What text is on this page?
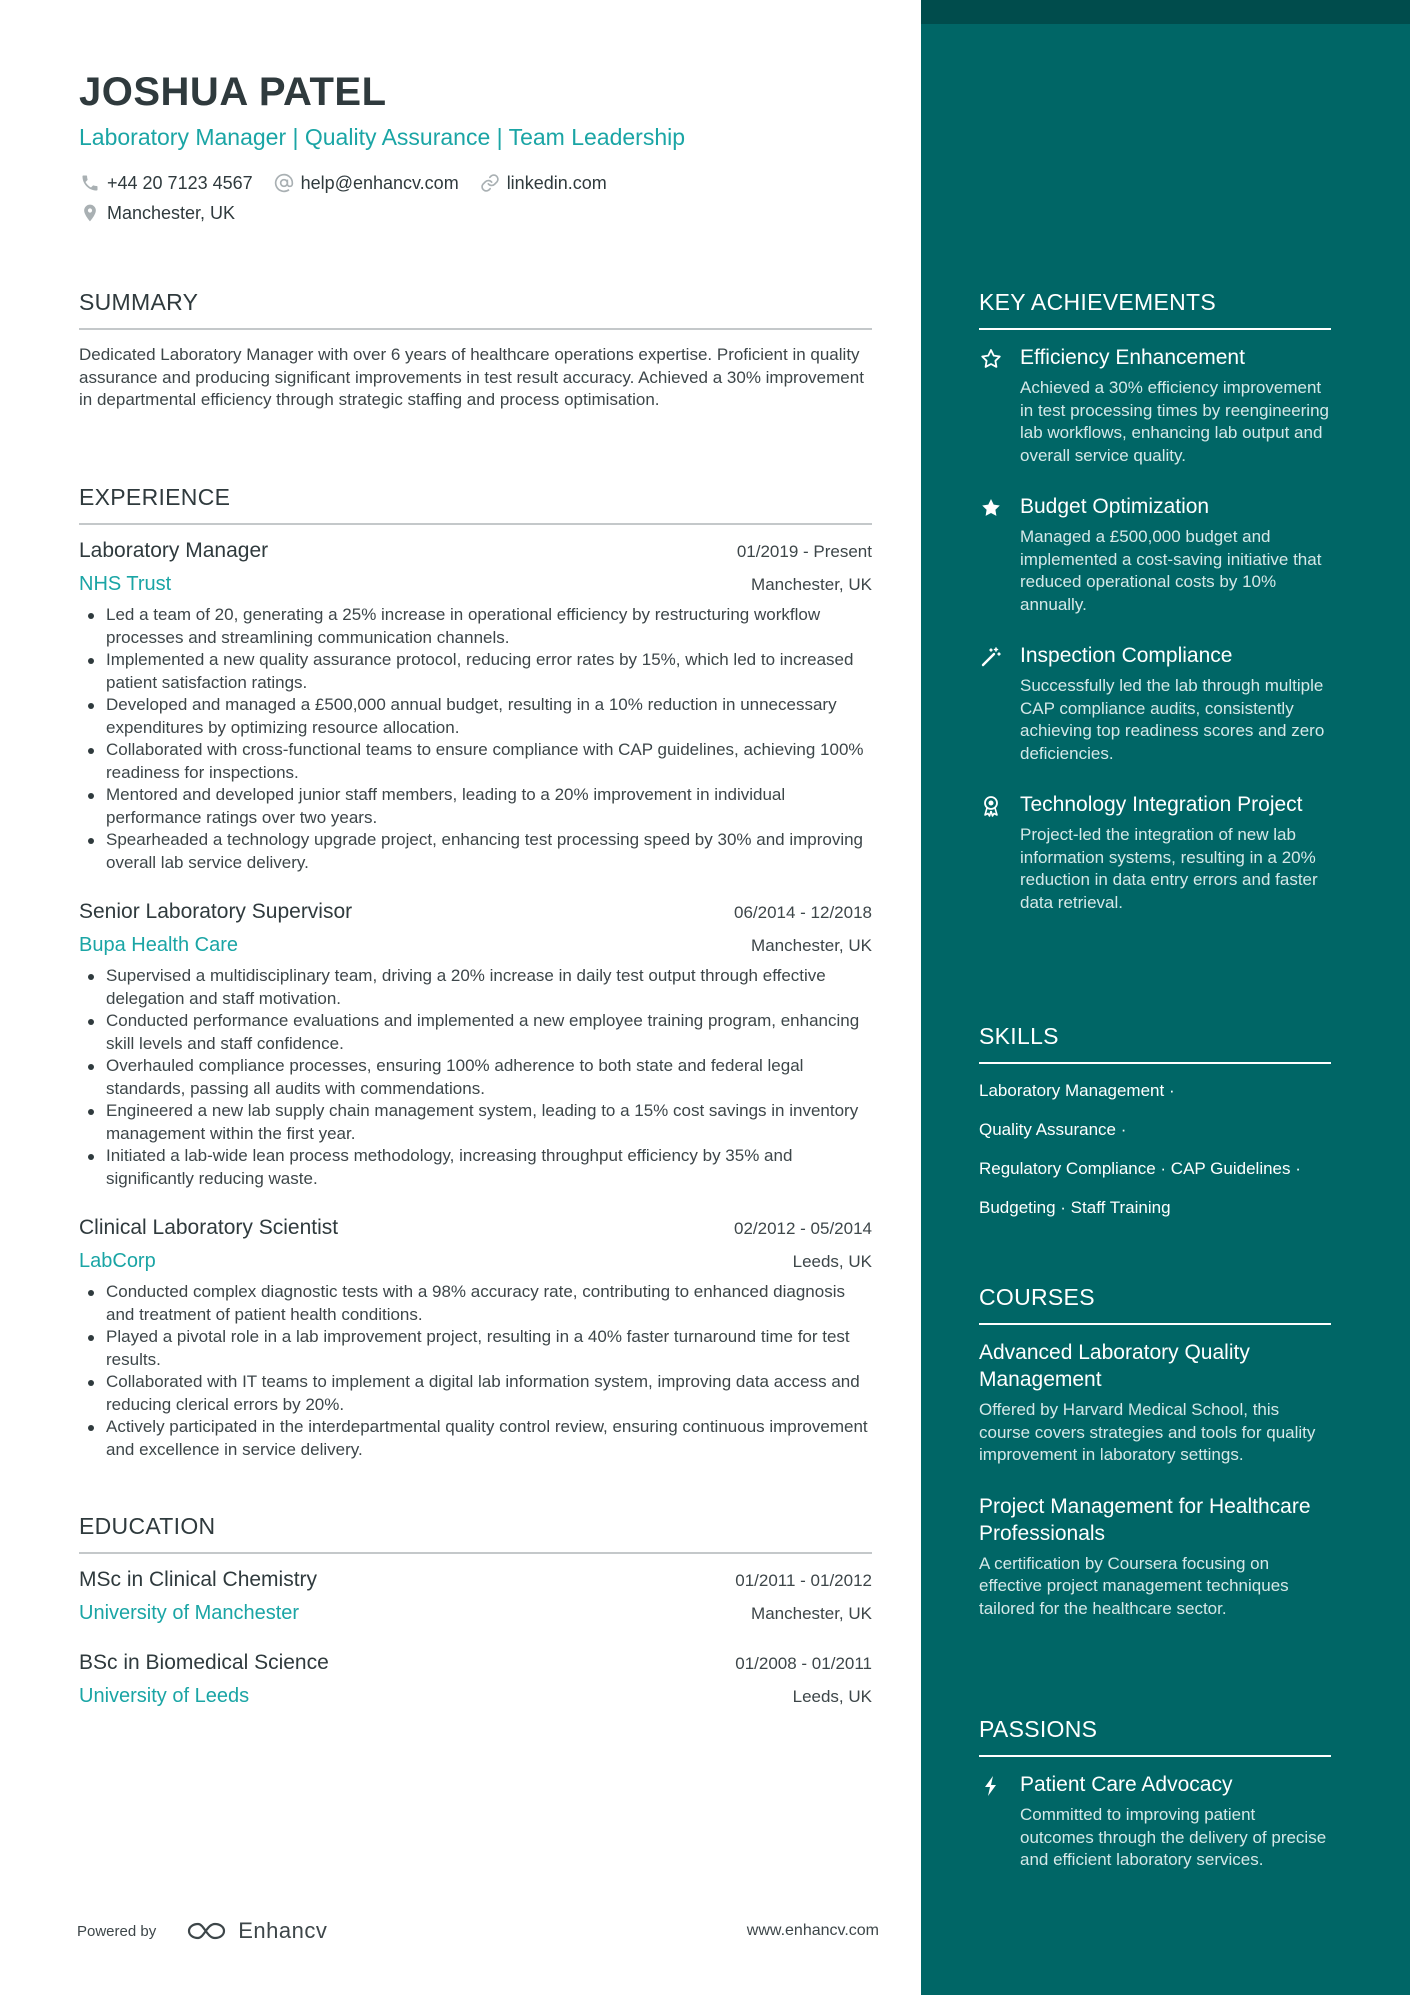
JOSHUA PATEL
Laboratory Manager | Quality Assurance | Team Leadership
+44 20 7123 4567	help@enhancv.com	linkedin.com
Manchester, UK
SUMMARY
Dedicated Laboratory Manager with over 6 years of healthcare operations expertise. Proficient in quality assurance and producing significant improvements in test result accuracy. Achieved a 30% improvement in departmental efficiency through strategic staffing and process optimisation.
EXPERIENCE
Laboratory Manager	01/2019 - Present
NHS Trust	Manchester, UK
Led a team of 20, generating a 25% increase in operational efficiency by restructuring workflow processes and streamlining communication channels.
Implemented a new quality assurance protocol, reducing error rates by 15%, which led to increased patient satisfaction ratings.
Developed and managed a £500,000 annual budget, resulting in a 10% reduction in unnecessary expenditures by optimizing resource allocation.
Collaborated with cross-functional teams to ensure compliance with CAP guidelines, achieving 100% readiness for inspections.
Mentored and developed junior staff members, leading to a 20% improvement in individual performance ratings over two years.
Spearheaded a technology upgrade project, enhancing test processing speed by 30% and improving overall lab service delivery.
Senior Laboratory Supervisor	06/2014 - 12/2018
Bupa Health Care	Manchester, UK
Supervised a multidisciplinary team, driving a 20% increase in daily test output through effective delegation and staff motivation.
Conducted performance evaluations and implemented a new employee training program, enhancing skill levels and staff confidence.
Overhauled compliance processes, ensuring 100% adherence to both state and federal legal standards, passing all audits with commendations.
Engineered a new lab supply chain management system, leading to a 15% cost savings in inventory management within the first year.
Initiated a lab-wide lean process methodology, increasing throughput efficiency by 35% and significantly reducing waste.
Clinical Laboratory Scientist	02/2012 - 05/2014
LabCorp	Leeds, UK
Conducted complex diagnostic tests with a 98% accuracy rate, contributing to enhanced diagnosis and treatment of patient health conditions.
Played a pivotal role in a lab improvement project, resulting in a 40% faster turnaround time for test results.
Collaborated with IT teams to implement a digital lab information system, improving data access and reducing clerical errors by 20%.
Actively participated in the interdepartmental quality control review, ensuring continuous improvement and excellence in service delivery.
EDUCATION
MSc in Clinical Chemistry	01/2011 - 01/2012
University of Manchester	Manchester, UK
BSc in Biomedical Science	01/2008 - 01/2011
University of Leeds	Leeds, UK
Powered by	Enhancv	www.enhancv.com
KEY ACHIEVEMENTS
Efficiency Enhancement
Achieved a 30% efficiency improvement in test processing times by reengineering lab workflows, enhancing lab output and overall service quality.
Budget Optimization
Managed a £500,000 budget and implemented a cost-saving initiative that reduced operational costs by 10% annually.
Inspection Compliance
Successfully led the lab through multiple CAP compliance audits, consistently achieving top readiness scores and zero deficiencies.
Technology Integration Project
Project-led the integration of new lab information systems, resulting in a 20% reduction in data entry errors and faster data retrieval.
SKILLS
Laboratory Management ·
Quality Assurance ·
Regulatory Compliance · CAP Guidelines ·
Budgeting · Staff Training
COURSES
Advanced Laboratory Quality Management
Offered by Harvard Medical School, this course covers strategies and tools for quality improvement in laboratory settings.
Project Management for Healthcare Professionals
A certification by Coursera focusing on effective project management techniques tailored for the healthcare sector.
PASSIONS
Patient Care Advocacy
Committed to improving patient outcomes through the delivery of precise and efficient laboratory services.
